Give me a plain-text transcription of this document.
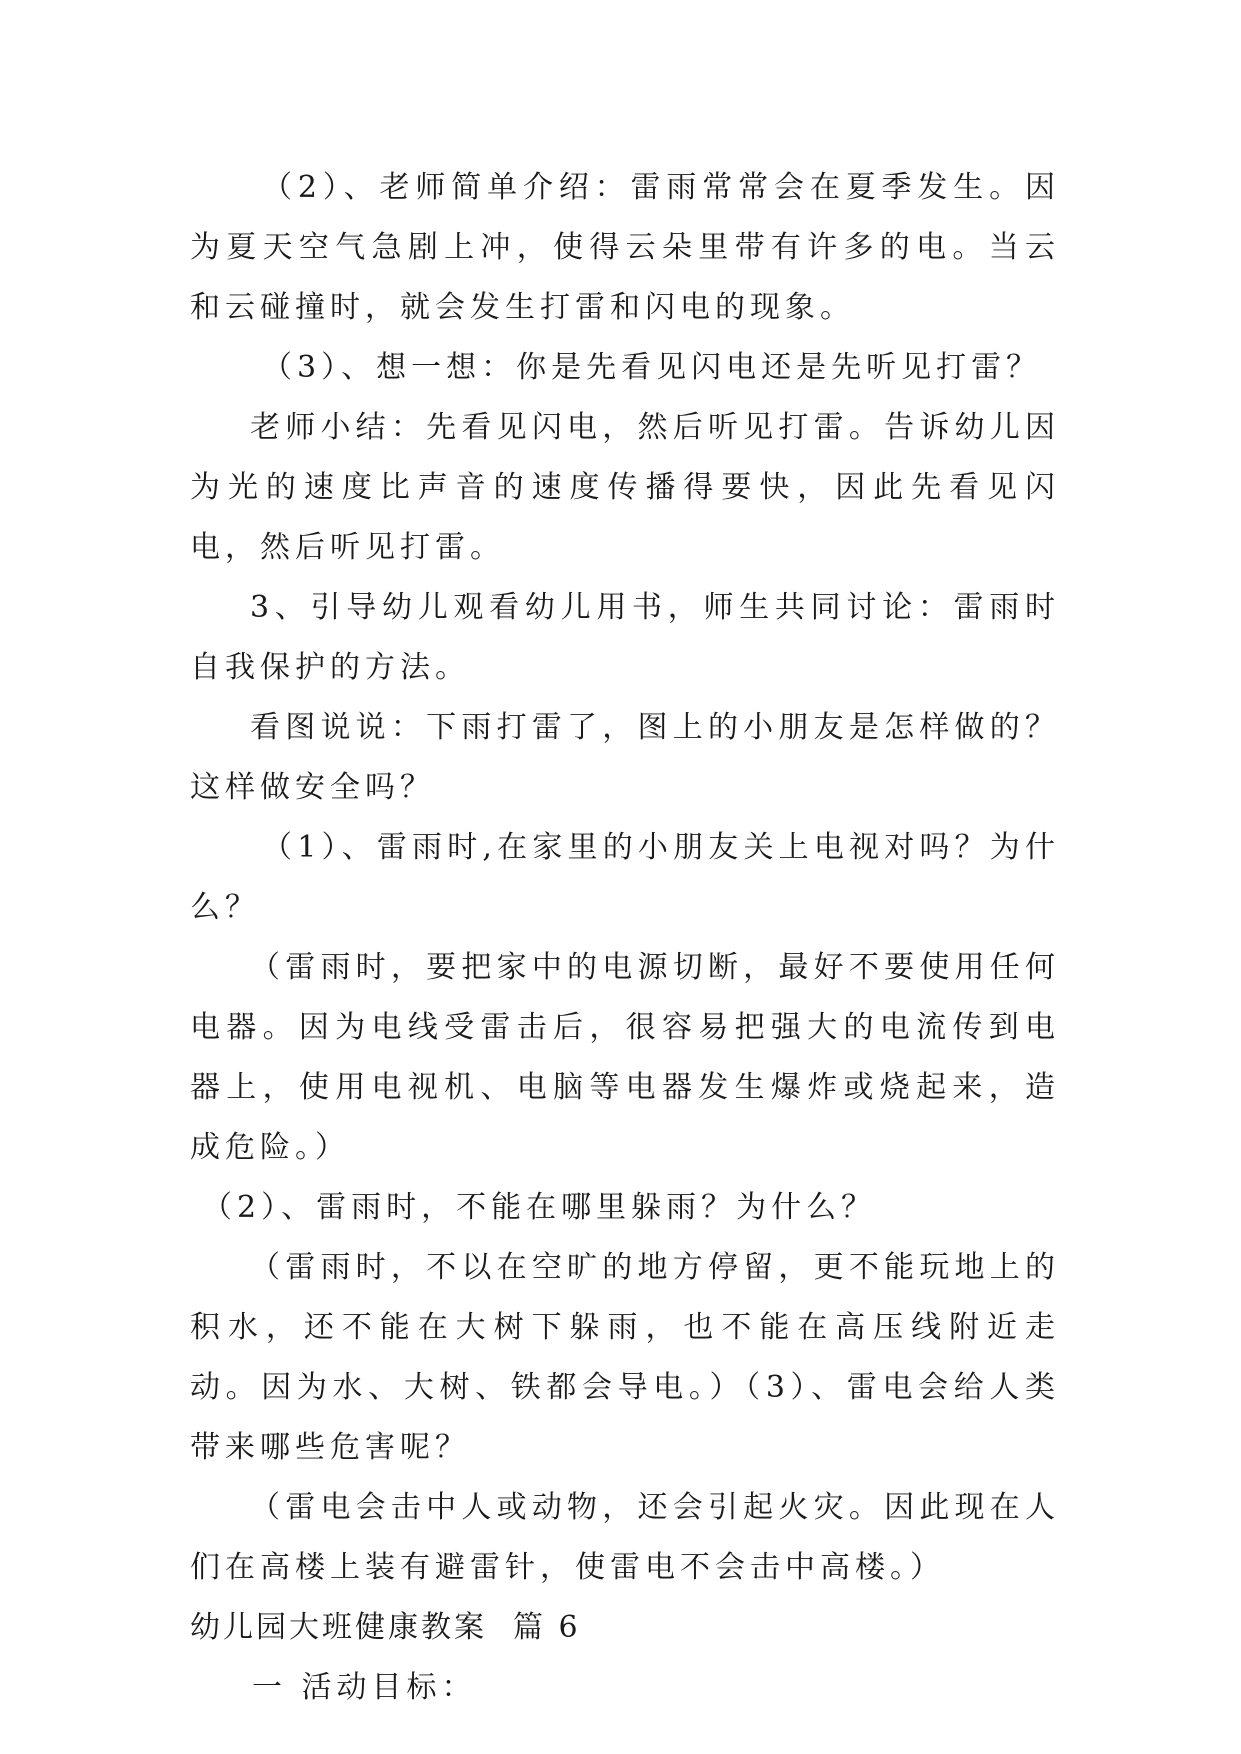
（2）、老师简单介绍：雷雨常常会在夏季发生。因为夏天空气急剧上冲，使得云朵里带有许多的电。当云和云碰撞时，就会发生打雷和闪电的现象。

（3）、想一想：你是先看见闪电还是先听见打雷？

老师小结：先看见闪电，然后听见打雷。告诉幼儿因为光的速度比声音的速度传播得要快，因此先看见闪电，然后听见打雷。

3、引导幼儿观看幼儿用书，师生共同讨论：雷雨时自我保护的方法。

看图说说：下雨打雷了，图上的小朋友是怎样做的？这样做安全吗？

（1）、雷雨时,在家里的小朋友关上电视对吗？为什么？

（雷雨时，要把家中的电源切断，最好不要使用任何电器。因为电线受雷击后，很容易把强大的电流传到电器上，使用电视机、电脑等电器发生爆炸或烧起来，造成危险。）

（2）、雷雨时，不能在哪里躲雨？为什么？

（雷雨时，不以在空旷的地方停留，更不能玩地上的积水，还不能在大树下躲雨，也不能在高压线附近走动。因为水、大树、铁都会导电。）（3）、雷电会给人类带来哪些危害呢？

（雷电会击中人或动物，还会引起火灾。因此现在人们在高楼上装有避雷针，使雷电不会击中高楼。）

幼儿园大班健康教案 篇 6

一 活动目标：
